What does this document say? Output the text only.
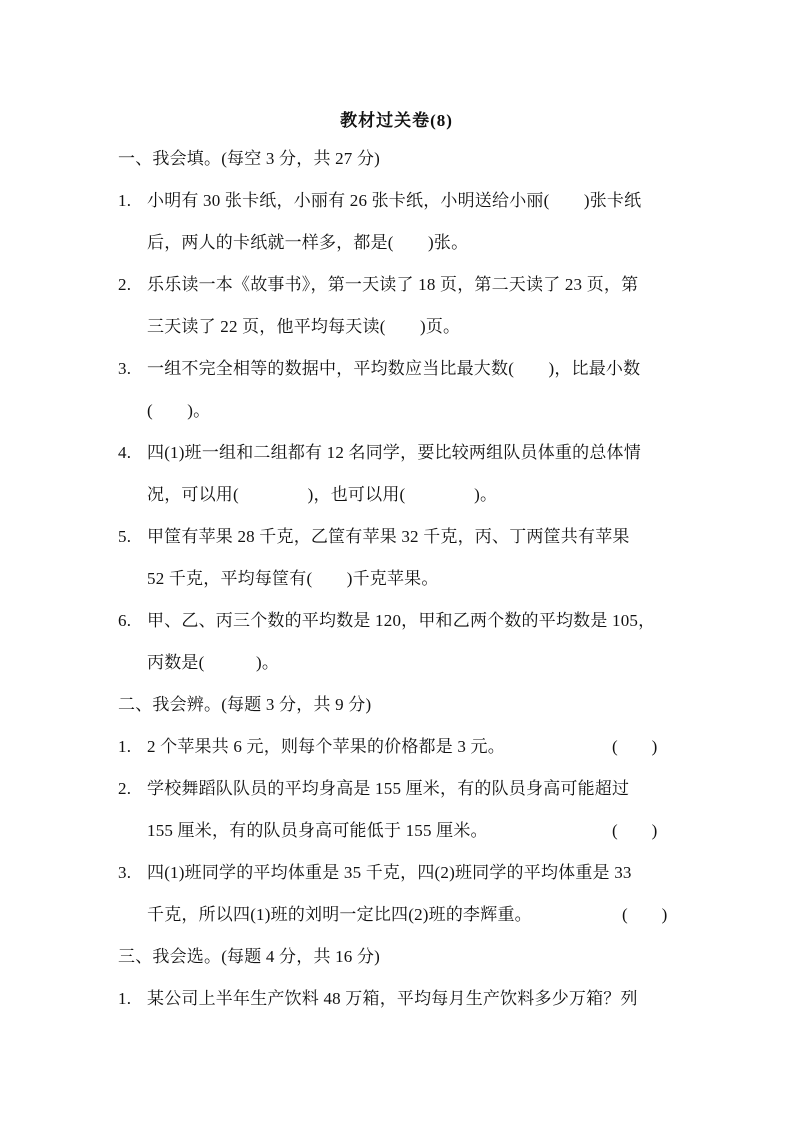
教材过关卷(8)
一、我会填。(每空 3 分，共 27 分)
1. 小明有 30 张卡纸，小丽有 26 张卡纸，小明送给小丽(　　)张卡纸
后，两人的卡纸就一样多，都是(　　)张。
2. 乐乐读一本《故事书》，第一天读了 18 页，第二天读了 23 页，第
三天读了 22 页，他平均每天读(　　)页。
3. 一组不完全相等的数据中，平均数应当比最大数(　　)，比最小数
(　　)。
4. 四(1)班一组和二组都有 12 名同学，要比较两组队员体重的总体情
况，可以用(　　　　)，也可以用(　　　　)。
5. 甲筐有苹果 28 千克，乙筐有苹果 32 千克，丙、丁两筐共有苹果
52 千克，平均每筐有(　　)千克苹果。
6. 甲、乙、丙三个数的平均数是 120，甲和乙两个数的平均数是 105，
丙数是(　　　)。
二、我会辨。(每题 3 分，共 9 分)
1. 2 个苹果共 6 元，则每个苹果的价格都是 3 元。	(　　)
2. 学校舞蹈队队员的平均身高是 155 厘米，有的队员身高可能超过
155 厘米，有的队员身高可能低于 155 厘米。	(　　)
3. 四(1)班同学的平均体重是 35 千克，四(2)班同学的平均体重是 33
千克，所以四(1)班的刘明一定比四(2)班的李辉重。	(　　)
三、我会选。(每题 4 分，共 16 分)
1. 某公司上半年生产饮料 48 万箱，平均每月生产饮料多少万箱？列
